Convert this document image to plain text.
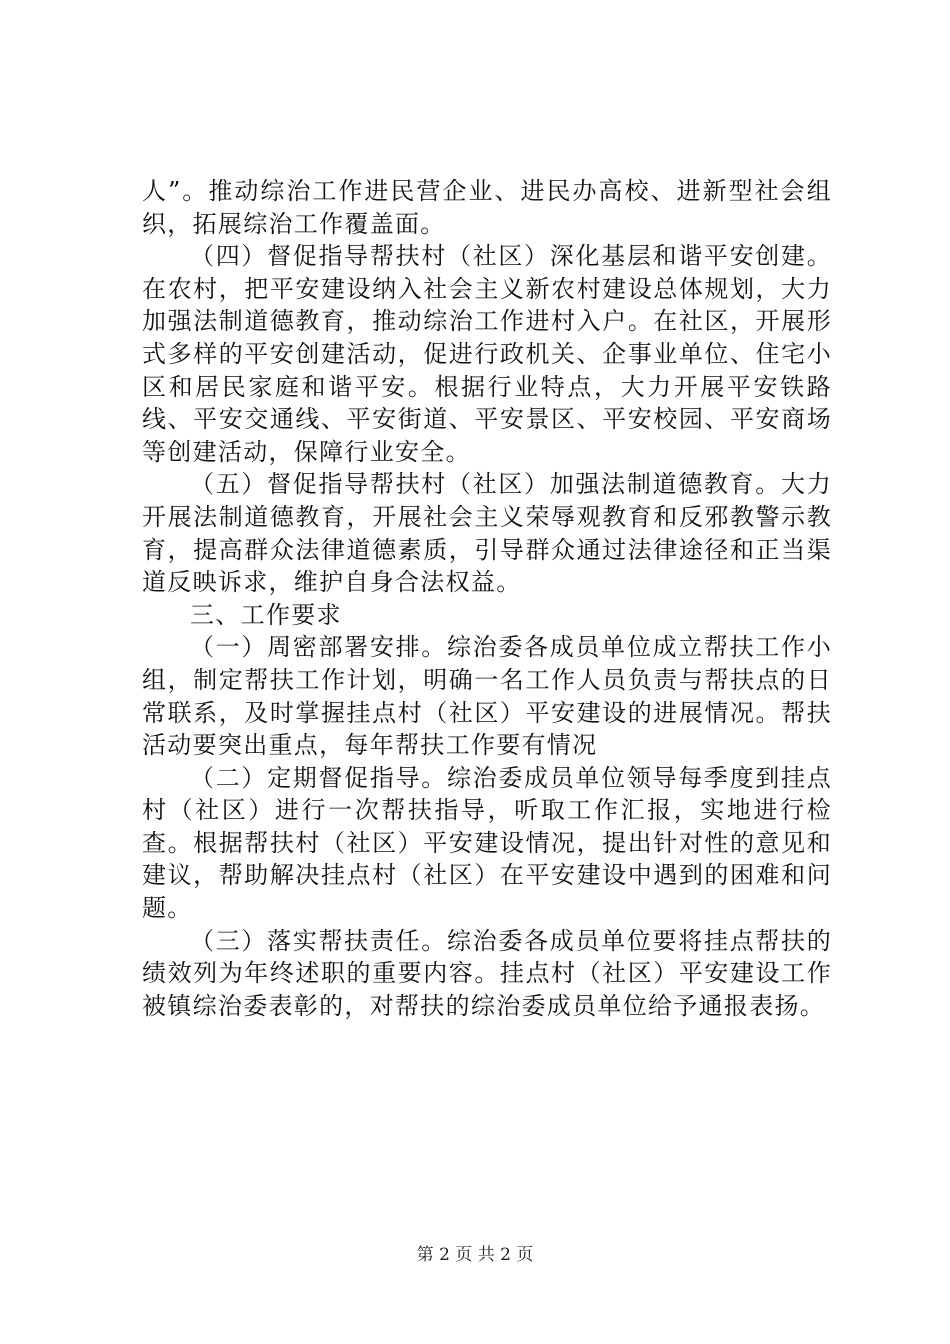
人”。推动综治工作进民营企业、进民办高校、进新型社会组织，拓展综治工作覆盖面。

（四）督促指导帮扶村（社区）深化基层和谐平安创建。在农村，把平安建设纳入社会主义新农村建设总体规划，大力加强法制道德教育，推动综治工作进村入户。在社区，开展形式多样的平安创建活动，促进行政机关、企事业单位、住宅小区和居民家庭和谐平安。根据行业特点，大力开展平安铁路线、平安交通线、平安街道、平安景区、平安校园、平安商场等创建活动，保障行业安全。

（五）督促指导帮扶村（社区）加强法制道德教育。大力开展法制道德教育，开展社会主义荣辱观教育和反邪教警示教育，提高群众法律道德素质，引导群众通过法律途径和正当渠道反映诉求，维护自身合法权益。

三、工作要求

（一）周密部署安排。综治委各成员单位成立帮扶工作小组，制定帮扶工作计划，明确一名工作人员负责与帮扶点的日常联系，及时掌握挂点村（社区）平安建设的进展情况。帮扶活动要突出重点，每年帮扶工作要有情况

（二）定期督促指导。综治委成员单位领导每季度到挂点村（社区）进行一次帮扶指导，听取工作汇报，实地进行检查。根据帮扶村（社区）平安建设情况，提出针对性的意见和建议，帮助解决挂点村（社区）在平安建设中遇到的困难和问题。

（三）落实帮扶责任。综治委各成员单位要将挂点帮扶的绩效列为年终述职的重要内容。挂点村（社区）平安建设工作被镇综治委表彰的，对帮扶的综治委成员单位给予通报表扬。

第 2 页 共 2 页
